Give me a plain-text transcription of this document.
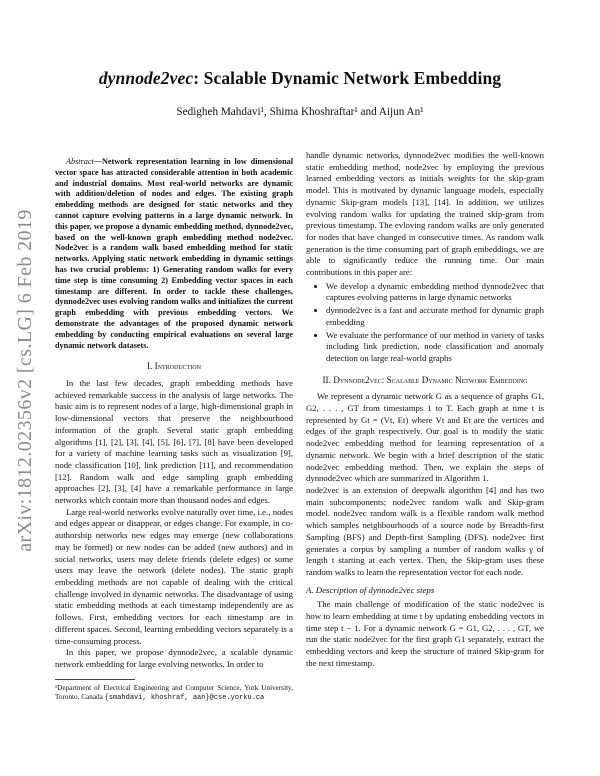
dynnode2vec: Scalable Dynamic Network Embedding
Sedigheh Mahdavi¹, Shima Khoshraftar¹ and Aijun An¹
arXiv:1812.02356v2 [cs.LG] 6 Feb 2019

Abstract—Network representation learning in low dimensional vector space has attracted considerable attention in both academic and industrial domains. Most real-world networks are dynamic with addition/deletion of nodes and edges. The existing graph embedding methods are designed for static networks and they cannot capture evolving patterns in a large dynamic network. In this paper, we propose a dynamic embedding method, dynnode2vec, based on the well-known graph embedding method node2vec. Node2vec is a random walk based embedding method for static networks. Applying static network embedding in dynamic settings has two crucial problems: 1) Generating random walks for every time step is time consuming 2) Embedding vector spaces in each timestamp are different. In order to tackle these challenges, dynnode2vec uses evolving random walks and initializes the current graph embedding with previous embedding vectors. We demonstrate the advantages of the proposed dynamic network embedding by conducting empirical evaluations on several large dynamic network datasets.

I. Introduction

In the last few decades, graph embedding methods have achieved remarkable success in the analysis of large networks. The basic aim is to represent nodes of a large, high-dimensional graph in low-dimensional vectors that preserve the neighbourhood information of the graph. Several static graph embedding algorithms [1], [2], [3], [4], [5], [6], [7], [8] have been developed for a variety of machine learning tasks such as visualization [9], node classification [10], link prediction [11], and recommendation [12]. Random walk and edge sampling graph embedding approaches [2], [3], [4] have a remarkable performance in large networks which contain more than thousand nodes and edges.

Large real-world networks evolve naturally over time, i.e., nodes and edges appear or disappear, or edges change. For example, in co-authorship networks new edges may emerge (new collaborations may be formed) or new nodes can be added (new authors) and in social networks, users may delete friends (delete edges) or some users may leave the network (delete nodes). The static graph embedding methods are not capable of dealing with the critical challenge involved in dynamic networks. The disadvantage of using static embedding methods at each timestamp independently are as follows. First, embedding vectors for each timestamp are in different spaces. Second, learning embedding vectors separately is a time-consuming process.

In this paper, we propose dynnode2vec, a scalable dynamic network embedding for large evolving networks. In order to

¹Department of Electrical Engineering and Computer Science, York University, Toronto, Canada {smahdavi, khoshraf, aan}@cse.yorku.ca

handle dynamic networks, dynnode2vec modifies the well-known static embedding method, node2vec by employing the previous learned embedding vectors as initials weights for the skip-gram model. This is motivated by dynamic language models, especially dynamic Skip-gram models [13], [14]. In addition, we utilizes evolving random walks for updating the trained skip-gram from previous timestamp. The evloving random walks are only generated for nodes that have changed in consecutive times. As random walk generation is the time consuming part of graph embeddings, we are able to significantly reduce the running time. Our main contributions in this paper are:

• We develop a dynamic embedding method dynnode2vec that captures evolving patterns in large dynamic networks
• dynnode2vec is a fast and accurate method for dynamic graph embedding
• We evaluate the performance of our method in variety of tasks including link prediction, node classification and anomaly detection on large real-world graphs

II. Dynnode2vec: Scalable Dynamic Network Embedding

We represent a dynamic network G as a sequence of graphs G1, G2, . . . , GT from timestamps 1 to T. Each graph at time t is represented by Gt = (Vt, Et) where Vt and Et are the vertices and edges of the graph respectively. Our goal is to modify the static node2vec embedding method for learning representation of a dynamic network. We begin with a brief description of the static node2vec embedding method. Then, we explain the steps of dynnode2vec which are summarized in Algorithm 1.

node2vec is an extension of deepwalk algorithm [4] and has two main subcomponents; node2vec random walk and Skip-gram model. node2vec random walk is a flexible random walk method which samples neighbourhoods of a source node by Breadth-first Sampling (BFS) and Depth-first Sampling (DFS). node2vec first generates a corpus by sampling a number of random walks γ of length t starting at each vertex. Then, the Skip-gram uses these random walks to learn the representation vector for each node.

A. Description of dynnode2vec steps

The main challenge of modification of the static node2vec is how to learn embedding at time t by updating embedding vectors in time step t − 1. For a dynamic network G = G1, G2, . . . , GT, we run the static node2vec for the first graph G1 separately, extract the embedding vectors and keep the structure of trained Skip-gram for the next timestamp.
